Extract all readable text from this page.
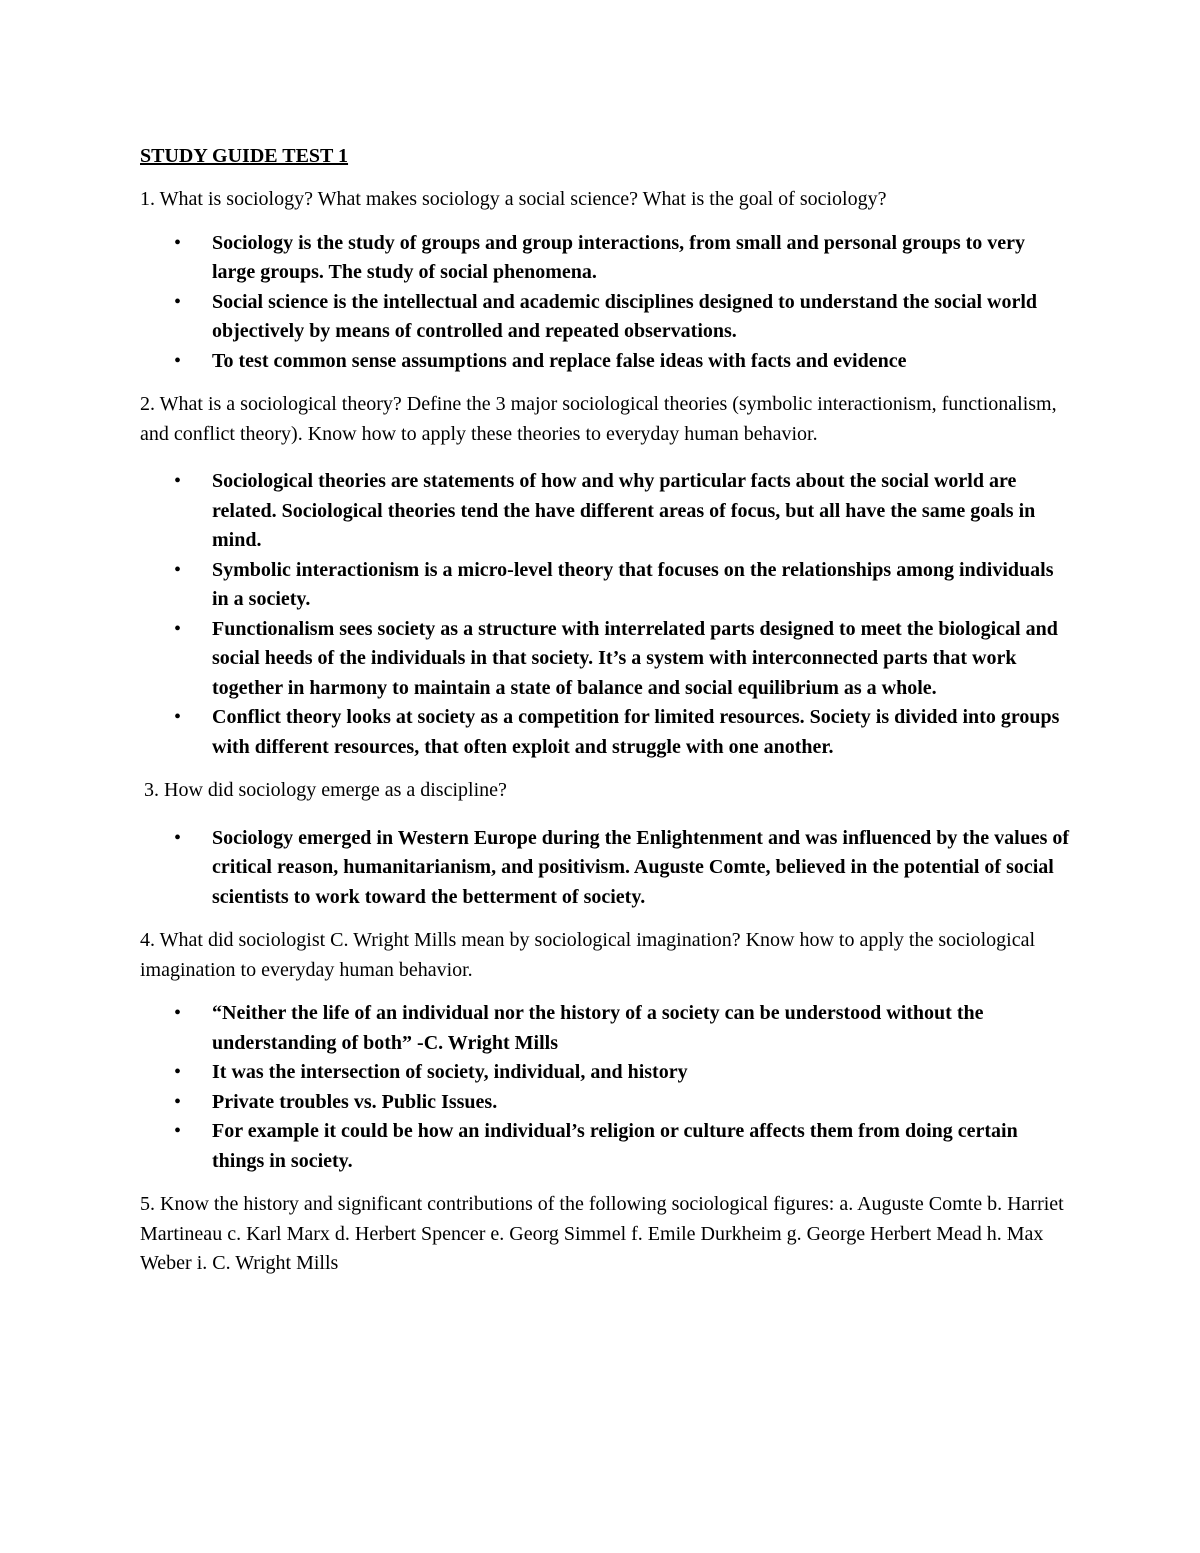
STUDY GUIDE TEST 1
1. What is sociology? What makes sociology a social science? What is the goal of sociology?
• Sociology is the study of groups and group interactions, from small and personal groups to very large groups. The study of social phenomena.
• Social science is the intellectual and academic disciplines designed to understand the social world objectively by means of controlled and repeated observations.
• To test common sense assumptions and replace false ideas with facts and evidence
2. What is a sociological theory? Define the 3 major sociological theories (symbolic interactionism, functionalism, and conflict theory). Know how to apply these theories to everyday human behavior.
• Sociological theories are statements of how and why particular facts about the social world are related. Sociological theories tend the have different areas of focus, but all have the same goals in mind.
• Symbolic interactionism is a micro-level theory that focuses on the relationships among individuals in a society.
• Functionalism sees society as a structure with interrelated parts designed to meet the biological and social heeds of the individuals in that society. It’s a system with interconnected parts that work together in harmony to maintain a state of balance and social equilibrium as a whole.
• Conflict theory looks at society as a competition for limited resources. Society is divided into groups with different resources, that often exploit and struggle with one another.
3. How did sociology emerge as a discipline?
• Sociology emerged in Western Europe during the Enlightenment and was influenced by the values of critical reason, humanitarianism, and positivism. Auguste Comte, believed in the potential of social scientists to work toward the betterment of society.
4. What did sociologist C. Wright Mills mean by sociological imagination? Know how to apply the sociological imagination to everyday human behavior.
• “Neither the life of an individual nor the history of a society can be understood without the understanding of both” -C. Wright Mills
• It was the intersection of society, individual, and history
• Private troubles vs. Public Issues.
• For example it could be how an individual’s religion or culture affects them from doing certain things in society.
5. Know the history and significant contributions of the following sociological figures: a. Auguste Comte b. Harriet Martineau c. Karl Marx d. Herbert Spencer e. Georg Simmel f. Emile Durkheim g. George Herbert Mead h. Max Weber i. C. Wright Mills
